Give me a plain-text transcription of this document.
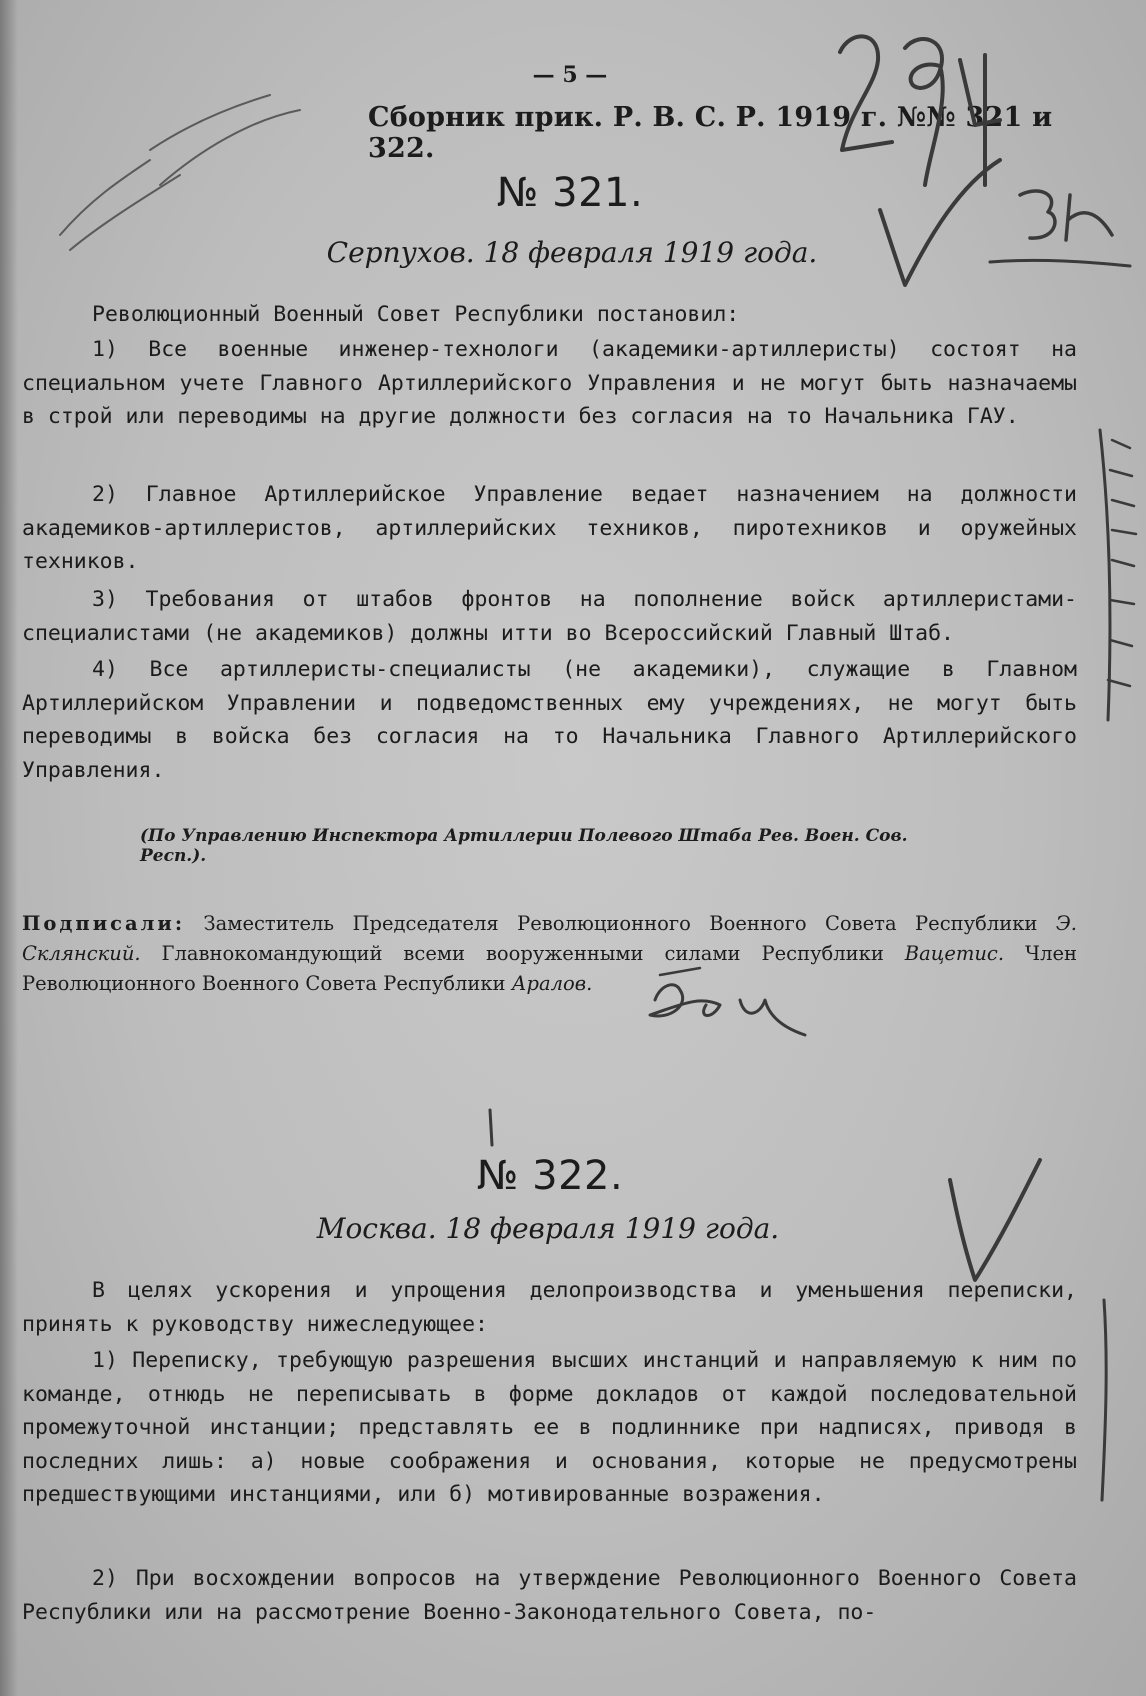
— 5 —
Сборник прик. Р. В. С. Р. 1919 г. №№ 321 и 322.
№ 321.
Серпухов. 18 февраля 1919 года.
Революционный Военный Совет Республики постановил:
1) Все военные инженер-технологи (академики-артиллеристы) состоят на специальном учете Главного Артиллерийского Управления и не могут быть назначаемы в строй или переводимы на другие должности без согласия на то Начальника ГАУ.
2) Главное Артиллерийское Управление ведает назначением на должности академиков-артиллеристов, артиллерийских техников, пиротехников и оружейных техников.
3) Требования от штабов фронтов на пополнение войск артиллеристами-специалистами (не академиков) должны итти во Всероссийский Главный Штаб.
4) Все артиллеристы-специалисты (не академики), служащие в Главном Артиллерийском Управлении и подведомственных ему учреждениях, не могут быть переводимы в войска без согласия на то Начальника Главного Артиллерийского Управления.
(По Управлению Инспектора Артиллерии Полевого Штаба Рев. Воен. Сов. Респ.).
Подписали: Заместитель Председателя Революционного Военного Совета Республики Э. Склянский. Главнокомандующий всеми вооруженными силами Республики Вацетис. Член Революционного Военного Совета Республики Аралов.
№ 322.
Москва. 18 февраля 1919 года.
В целях ускорения и упрощения делопроизводства и уменьшения переписки, принять к руководству нижеследующее:
1) Переписку, требующую разрешения высших инстанций и направляемую к ним по команде, отнюдь не переписывать в форме докладов от каждой последовательной промежуточной инстанции; представлять ее в подлиннике при надписях, приводя в последних лишь: а) новые соображения и основания, которые не предусмотрены предшествующими инстанциями, или б) мотивированные возражения.
2) При восхождении вопросов на утверждение Революционного Военного Совета Республики или на рассмотрение Военно-Законодательного Совета, по-
